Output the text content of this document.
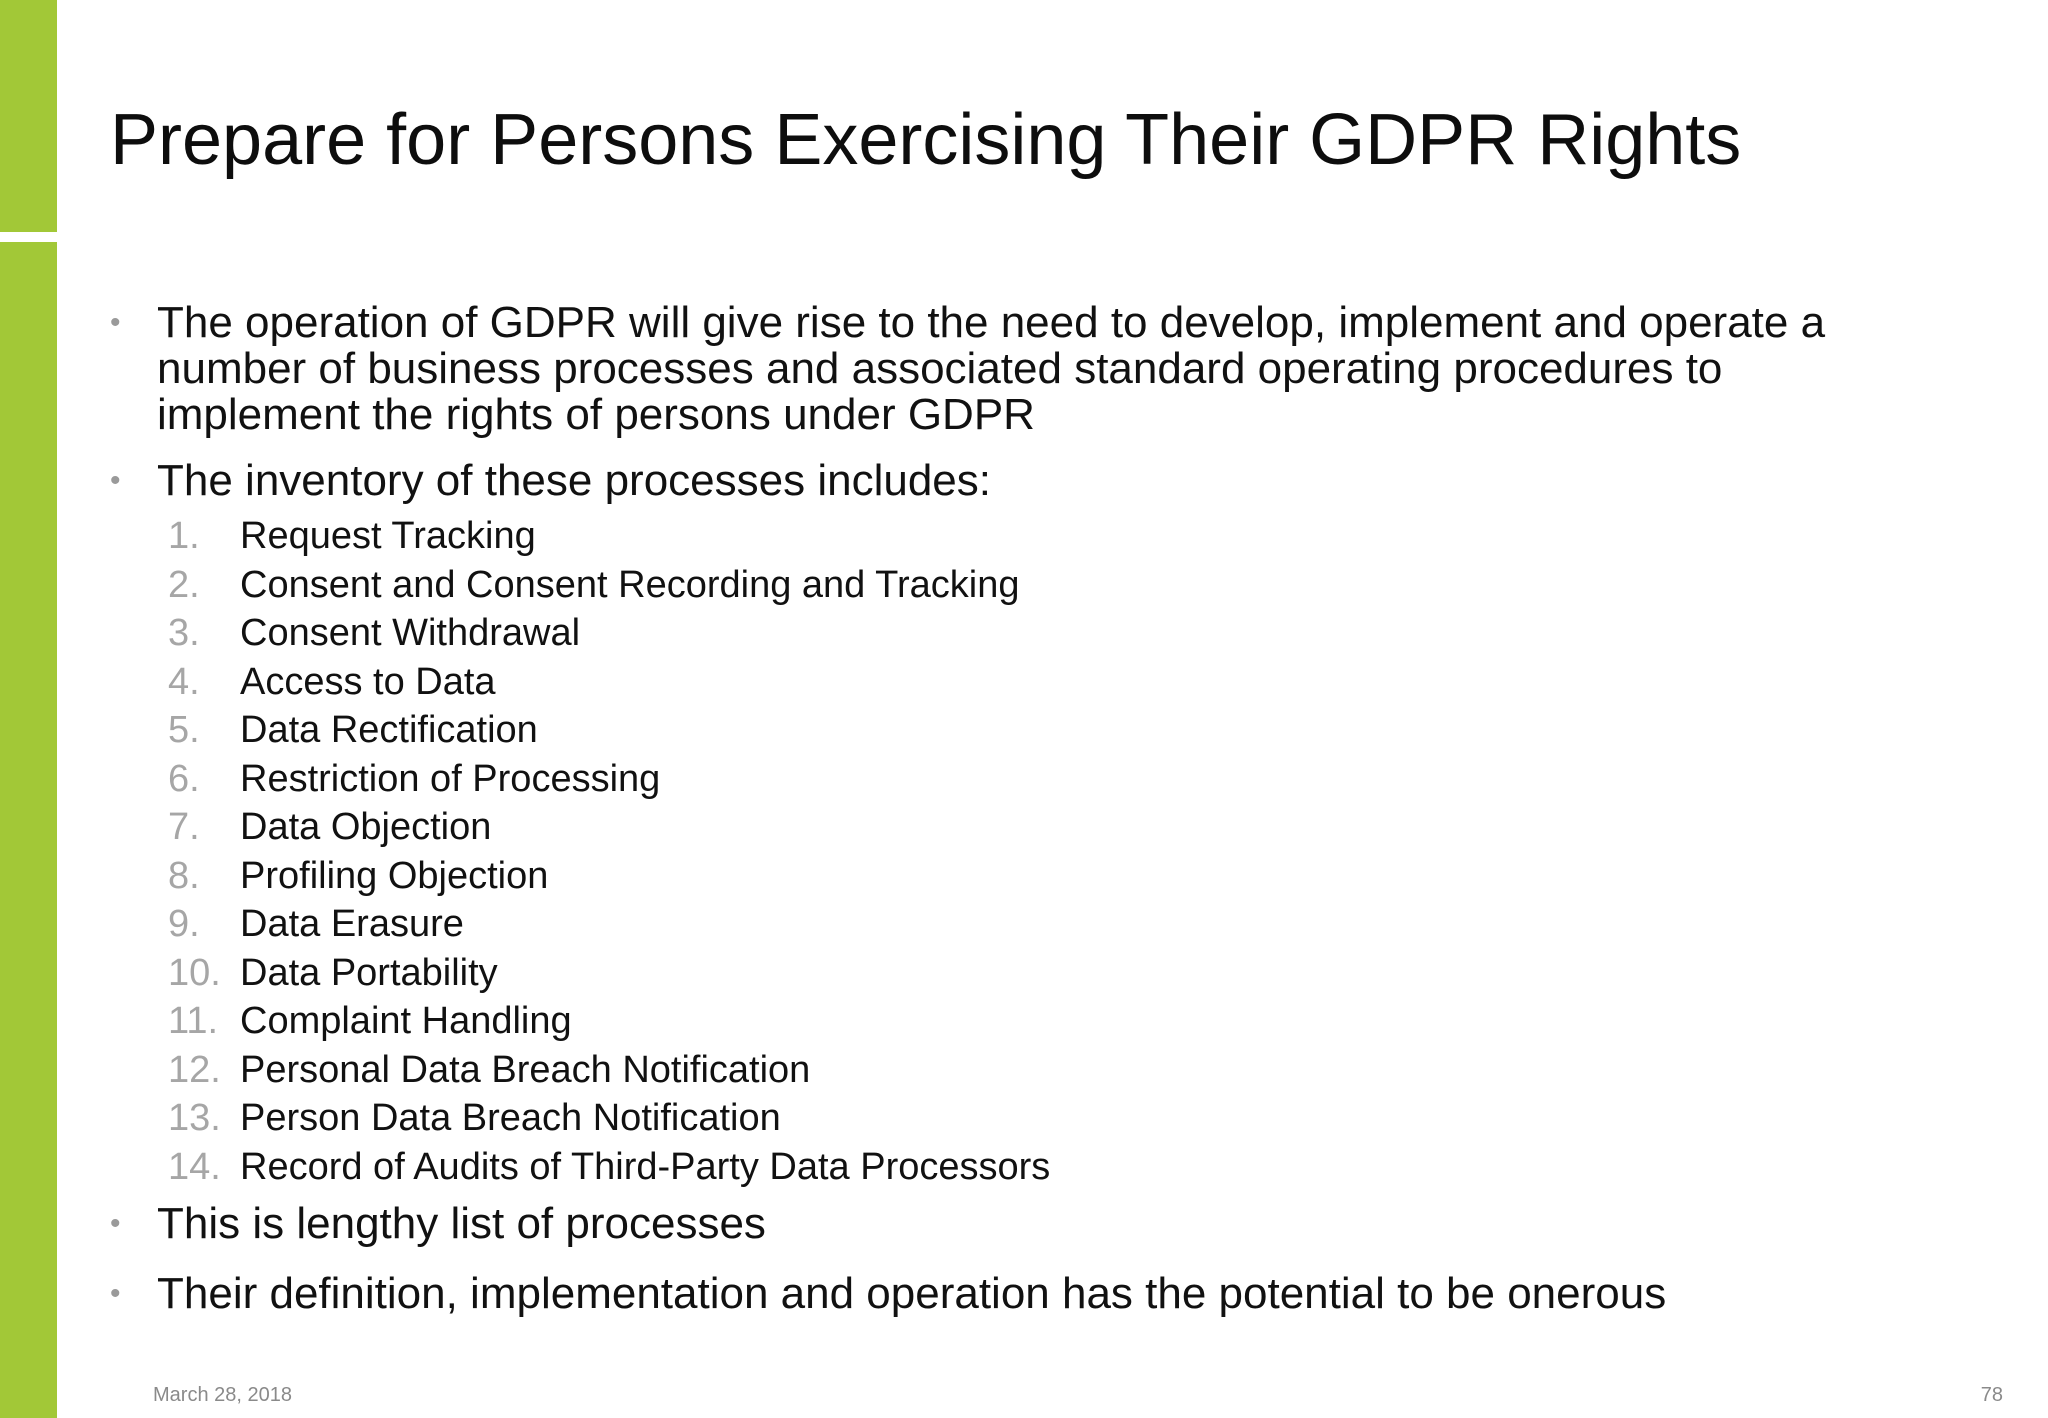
Prepare for Persons Exercising Their GDPR Rights
• The operation of GDPR will give rise to the need to develop, implement and operate a number of business processes and associated standard operating procedures to implement the rights of persons under GDPR
• The inventory of these processes includes:
1. Request Tracking
2. Consent and Consent Recording and Tracking
3. Consent Withdrawal
4. Access to Data
5. Data Rectification
6. Restriction of Processing
7. Data Objection
8. Profiling Objection
9. Data Erasure
10. Data Portability
11. Complaint Handling
12. Personal Data Breach Notification
13. Person Data Breach Notification
14. Record of Audits of Third-Party Data Processors
• This is lengthy list of processes
• Their definition, implementation and operation has the potential to be onerous
March 28, 2018	78
